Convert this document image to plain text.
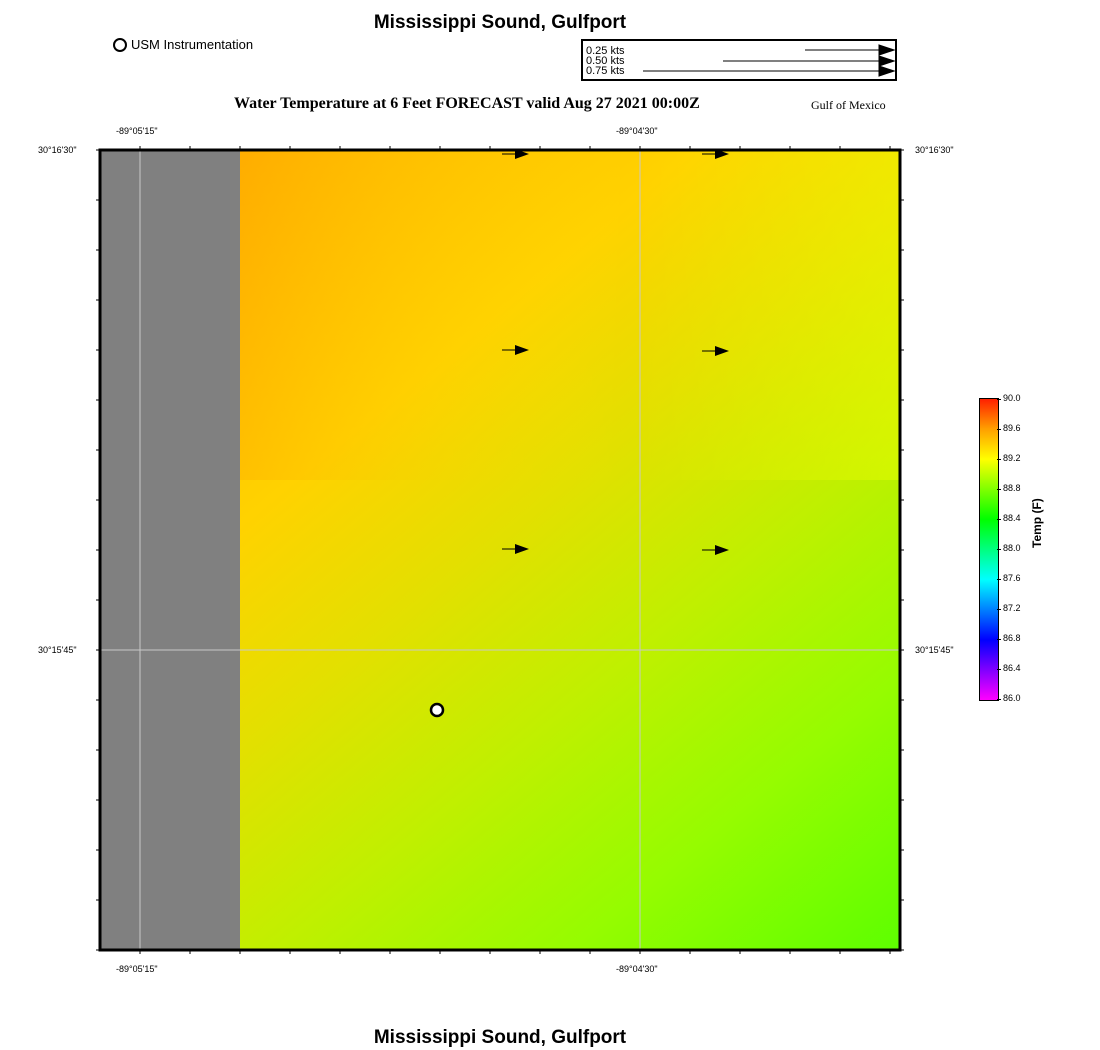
Mississippi Sound, Gulfport
USM Instrumentation	0.25 kts
0.50 kts
0.75 kts
Water Temperature at 6 Feet FORECAST valid Aug 27 2021 00:00Z	Gulf of Mexico
-89°05'15"	-89°04'30"
-89°05'15"	-89°04'30"
30°16'30"
30°15'45"
30°16'30"
30°15'45"
90.0
89.6
89.2
88.8
88.4
88.0
87.6
87.2
86.8
86.4
86.0
Temp (F)
Mississippi Sound, Gulfport
